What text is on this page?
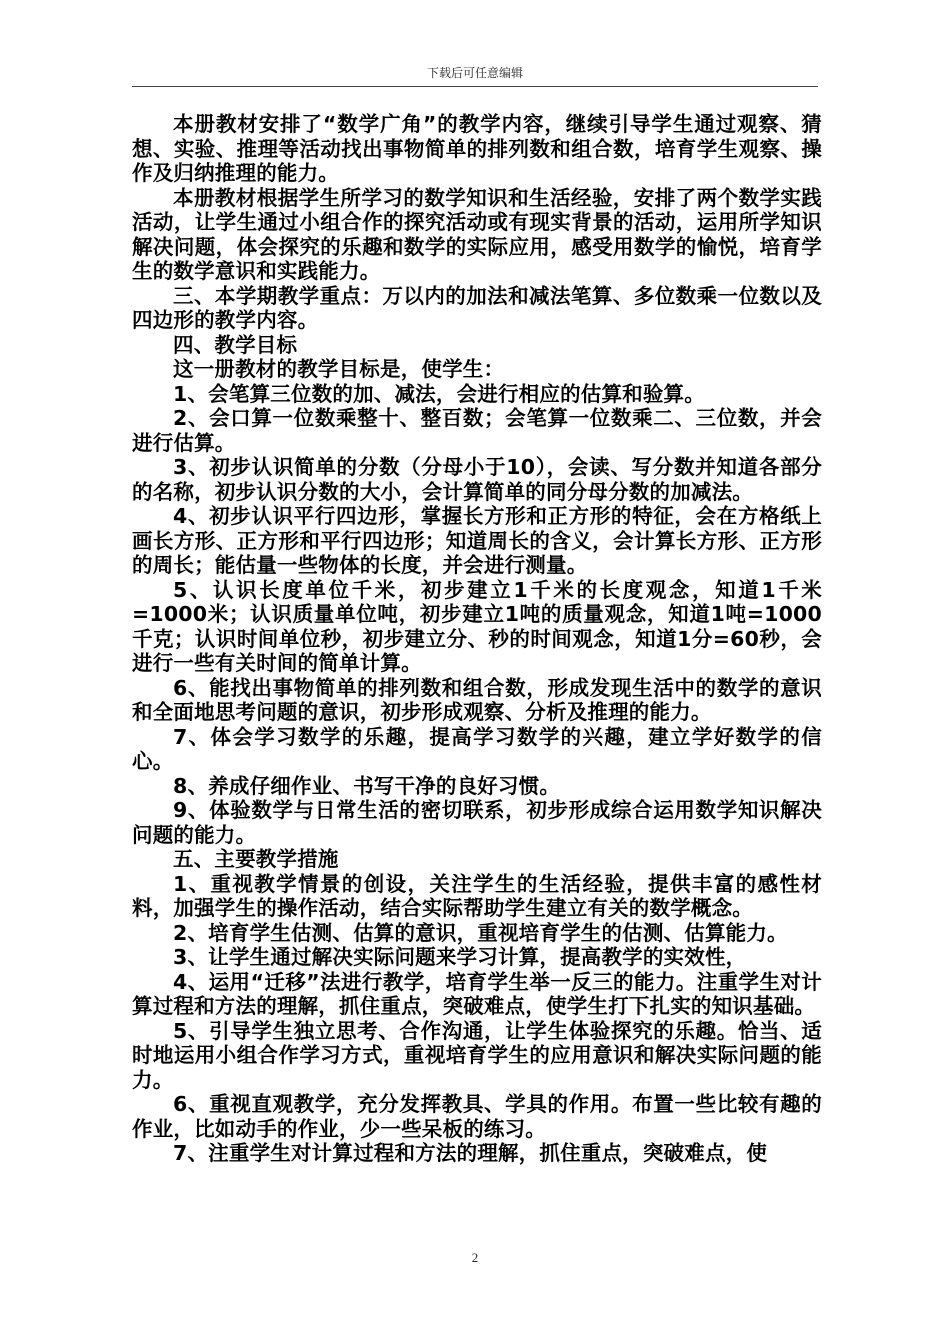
下载后可任意编辑

本册教材安排了“数学广角”的教学内容，继续引导学生通过观察、猜想、实验、推理等活动找出事物简单的排列数和组合数，培育学生观察、操作及归纳推理的能力。

本册教材根据学生所学习的数学知识和生活经验，安排了两个数学实践活动，让学生通过小组合作的探究活动或有现实背景的活动，运用所学知识解决问题，体会探究的乐趣和数学的实际应用，感受用数学的愉悦，培育学生的数学意识和实践能力。

三、本学期教学重点：万以内的加法和减法笔算、多位数乘一位数以及四边形的教学内容。

四、教学目标

这一册教材的教学目标是，使学生：

1、会笔算三位数的加、减法，会进行相应的估算和验算。

2、会口算一位数乘整十、整百数；会笔算一位数乘二、三位数，并会进行估算。

3、初步认识简单的分数（分母小于10），会读、写分数并知道各部分的名称，初步认识分数的大小，会计算简单的同分母分数的加减法。

4、初步认识平行四边形，掌握长方形和正方形的特征，会在方格纸上画长方形、正方形和平行四边形；知道周长的含义，会计算长方形、正方形的周长；能估量一些物体的长度，并会进行测量。

5、认识长度单位千米，初步建立1千米的长度观念，知道1千米=1000米；认识质量单位吨，初步建立1吨的质量观念，知道1吨=1000千克；认识时间单位秒，初步建立分、秒的时间观念，知道1分=60秒，会进行一些有关时间的简单计算。

6、能找出事物简单的排列数和组合数，形成发现生活中的数学的意识和全面地思考问题的意识，初步形成观察、分析及推理的能力。

7、体会学习数学的乐趣，提高学习数学的兴趣，建立学好数学的信心。

8、养成仔细作业、书写干净的良好习惯。

9、体验数学与日常生活的密切联系，初步形成综合运用数学知识解决问题的能力。

五、主要教学措施

1、重视教学情景的创设，关注学生的生活经验，提供丰富的感性材料，加强学生的操作活动，结合实际帮助学生建立有关的数学概念。

2、培育学生估测、估算的意识，重视培育学生的估测、估算能力。

3、让学生通过解决实际问题来学习计算，提高教学的实效性，

4、运用“迁移”法进行教学，培育学生举一反三的能力。注重学生对计算过程和方法的理解，抓住重点，突破难点，使学生打下扎实的知识基础。

5、引导学生独立思考、合作沟通，让学生体验探究的乐趣。恰当、适时地运用小组合作学习方式，重视培育学生的应用意识和解决实际问题的能力。

6、重视直观教学，充分发挥教具、学具的作用。布置一些比较有趣的作业，比如动手的作业，少一些呆板的练习。

7、注重学生对计算过程和方法的理解，抓住重点，突破难点，使

2
